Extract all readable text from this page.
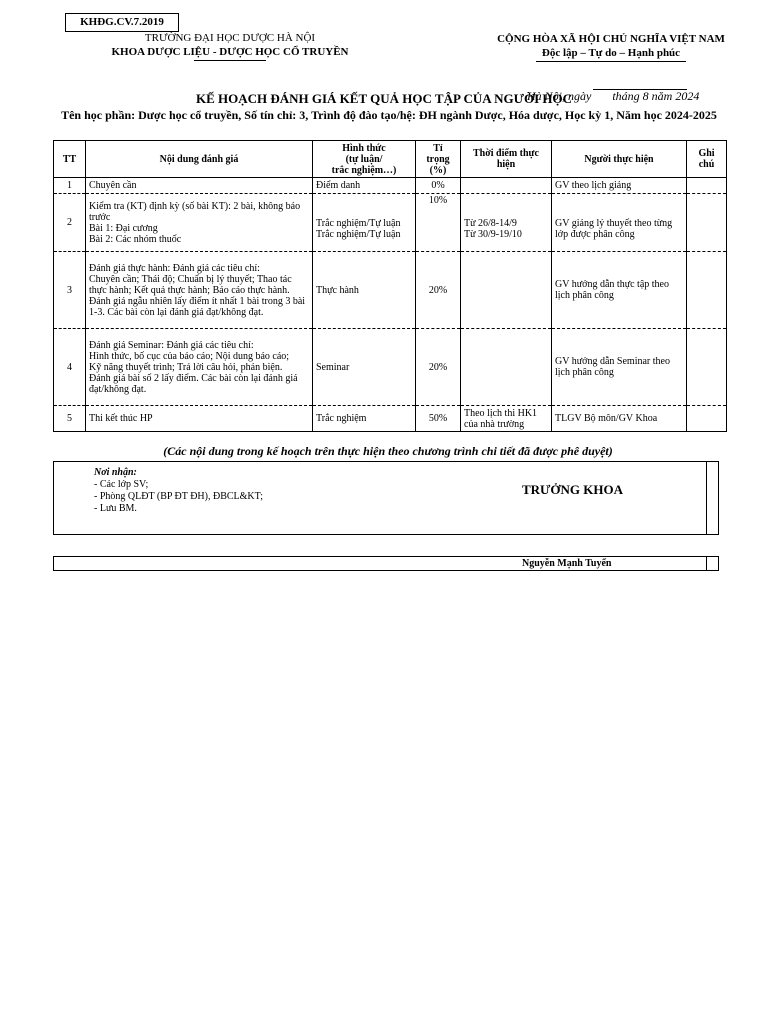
KHĐG.CV.7.2019
TRƯỜNG ĐẠI HỌC DƯỢC HÀ NỘI
KHOA DƯỢC LIỆU - DƯỢC HỌC CỔ TRUYỀN
CỘNG HÒA XÃ HỘI CHỦ NGHĨA VIỆT NAM
Độc lập – Tự do – Hạnh phúc

Hà Nội, ngày       tháng 8 năm 2024

KẾ HOẠCH ĐÁNH GIÁ KẾT QUẢ HỌC TẬP CỦA NGƯỜI HỌC
Tên học phần: Dược học cổ truyền, Số tín chỉ: 3, Trình độ đào tạo/hệ: ĐH ngành Dược, Hóa dược, Học kỳ 1, Năm học 2024-2025
TT	Nội dung đánh giá	Hình thức
(tự luận/
trắc nghiệm…)	Tỉ
trọng
(%)	Thời điểm thực
hiện	Người thực hiện	Ghi
chú
1	Chuyên cần	Điểm danh	0%		GV theo lịch giảng	
2	Kiểm tra (KT) định kỳ (số bài KT): 2 bài, không báo trước
Bài 1: Đại cương
Bài 2: Các nhóm thuốc	Trắc nghiệm/Tự luận
Trắc nghiệm/Tự luận	10%	Từ 26/8-14/9
Từ 30/9-19/10	GV giảng lý thuyết theo từng lớp được phân công	
3	Đánh giá thực hành: Đánh giá các tiêu chí:
Chuyên cần; Thái độ; Chuẩn bị lý thuyết; Thao tác thực hành; Kết quả thực hành; Báo cáo thực hành.
Đánh giá ngẫu nhiên lấy điểm ít nhất 1 bài trong 3 bài 1-3. Các bài còn lại đánh giá đạt/không đạt.	Thực hành	20%		GV hướng dẫn thực tập theo lịch phân công	
4	Đánh giá Seminar: Đánh giá các tiêu chí:
Hình thức, bố cục của báo cáo; Nội dung báo cáo;
Kỹ năng thuyết trình; Trả lời câu hỏi, phản biện.
Đánh giá bài số 2 lấy điểm. Các bài còn lại đánh giá đạt/không đạt.	Seminar	20%		GV hướng dẫn Seminar theo lịch phân công	
5	Thi kết thúc HP	Trắc nghiệm	50%	Theo lịch thi HK1 của nhà trường	TLGV Bộ môn/GV Khoa	
(Các nội dung trong kế hoạch trên thực hiện theo chương trình chi tiết đã được phê duyệt)
Nơi nhận:
- Các lớp SV;
- Phòng QLĐT (BP ĐT ĐH), ĐBCL&KT;
- Lưu BM.
TRƯỞNG KHOA
Nguyễn Mạnh Tuyến
